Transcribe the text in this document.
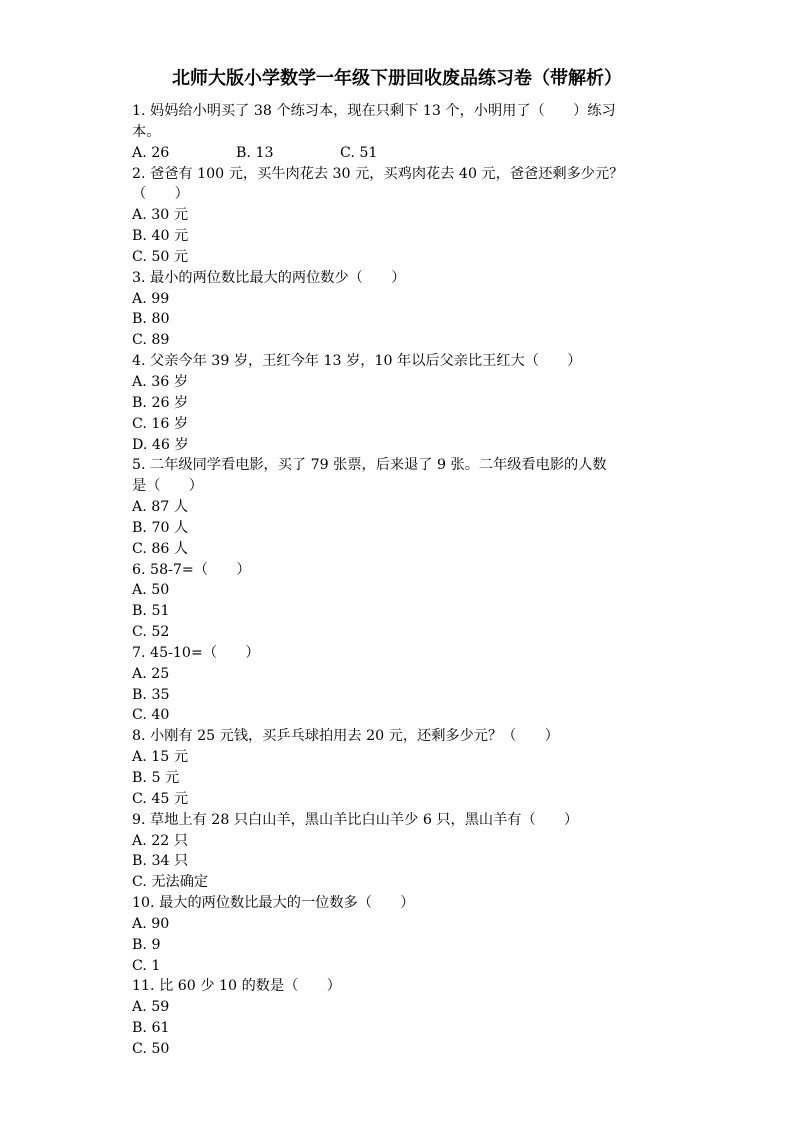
北师大版小学数学一年级下册回收废品练习卷（带解析）
1. 妈妈给小明买了 38 个练习本，现在只剩下 13 个，小明用了（　　）练习
本。
A. 26	B. 13	C. 51
2. 爸爸有 100 元，买牛肉花去 30 元，买鸡肉花去 40 元，爸爸还剩多少元？
（　　）
A. 30 元
B. 40 元
C. 50 元
3. 最小的两位数比最大的两位数少（　　）
A. 99
B. 80
C. 89
4. 父亲今年 39 岁，王红今年 13 岁，10 年以后父亲比王红大（　　）
A. 36 岁
B. 26 岁
C. 16 岁
D. 46 岁
5. 二年级同学看电影，买了 79 张票，后来退了 9 张。二年级看电影的人数
是（　　）
A. 87 人
B. 70 人
C. 86 人
6. 58-7=（　　）
A. 50
B. 51
C. 52
7. 45-10=（　　）
A. 25
B. 35
C. 40
8. 小刚有 25 元钱，买乒乓球拍用去 20 元，还剩多少元？（　　）
A. 15 元
B. 5 元
C. 45 元
9. 草地上有 28 只白山羊，黑山羊比白山羊少 6 只，黑山羊有（　　）
A. 22 只
B. 34 只
C. 无法确定
10. 最大的两位数比最大的一位数多（　　）
A. 90
B. 9
C. 1
11. 比 60 少 10 的数是（　　）
A. 59
B. 61
C. 50
